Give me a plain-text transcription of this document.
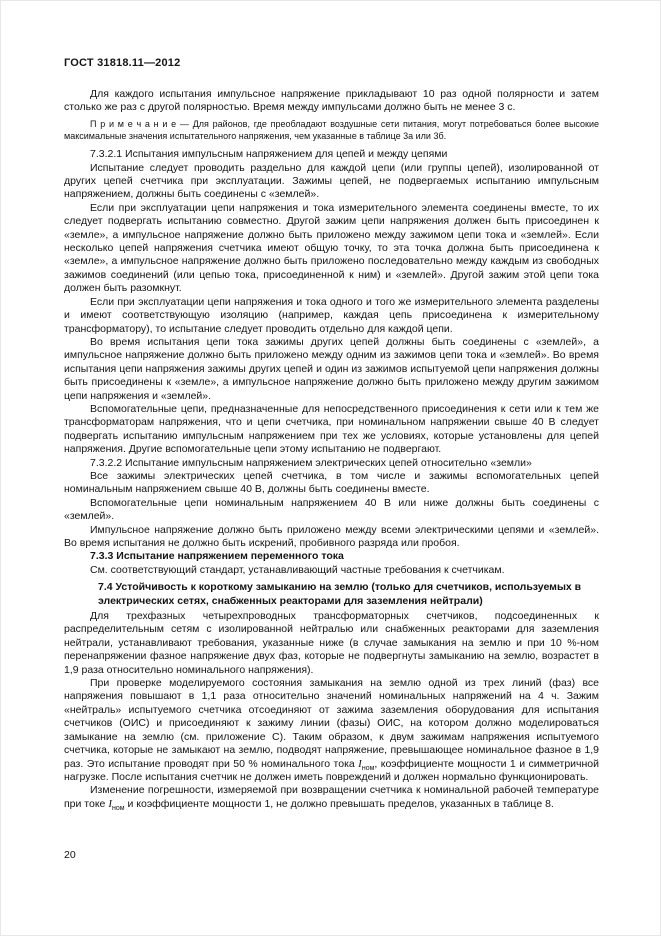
ГОСТ 31818.11—2012

Для каждого испытания импульсное напряжение прикладывают 10 раз одной полярности и затем столько же раз с другой полярностью. Время между импульсами должно быть не менее 3 с.

П р и м е ч а н и е — Для районов, где преобладают воздушные сети питания, могут потребоваться более высокие максимальные значения испытательного напряжения, чем указанные в таблице 3а или 3б.

7.3.2.1 Испытания импульсным напряжением для цепей и между цепями

Испытание следует проводить раздельно для каждой цепи (или группы цепей), изолированной от других цепей счетчика при эксплуатации. Зажимы цепей, не подвергаемых испытанию импульсным напряжением, должны быть соединены с «землей».

Если при эксплуатации цепи напряжения и тока измерительного элемента соединены вместе, то их следует подвергать испытанию совместно. Другой зажим цепи напряжения должен быть присоединен к «земле», а импульсное напряжение должно быть приложено между зажимом цепи тока и «землей». Если несколько цепей напряжения счетчика имеют общую точку, то эта точка должна быть присоединена к «земле», а импульсное напряжение должно быть приложено последовательно между каждым из свободных зажимов соединений (или цепью тока, присоединенной к ним) и «землей». Другой зажим этой цепи тока должен быть разомкнут.

Если при эксплуатации цепи напряжения и тока одного и того же измерительного элемента разделены и имеют соответствующую изоляцию (например, каждая цепь присоединена к измерительному трансформатору), то испытание следует проводить отдельно для каждой цепи.

Во время испытания цепи тока зажимы других цепей должны быть соединены с «землей», а импульсное напряжение должно быть приложено между одним из зажимов цепи тока и «землей». Во время испытания цепи напряжения зажимы других цепей и один из зажимов испытуемой цепи напряжения должны быть присоединены к «земле», а импульсное напряжение должно быть приложено между другим зажимом цепи напряжения и «землей».

Вспомогательные цепи, предназначенные для непосредственного присоединения к сети или к тем же трансформаторам напряжения, что и цепи счетчика, при номинальном напряжении свыше 40 В следует подвергать испытанию импульсным напряжением при тех же условиях, которые установлены для цепей напряжения. Другие вспомогательные цепи этому испытанию не подвергают.

7.3.2.2 Испытание импульсным напряжением электрических цепей относительно «земли»

Все зажимы электрических цепей счетчика, в том числе и зажимы вспомогательных цепей номинальным напряжением свыше 40 В, должны быть соединены вместе.

Вспомогательные цепи номинальным напряжением 40 В или ниже должны быть соединены с «землей».

Импульсное напряжение должно быть приложено между всеми электрическими цепями и «землей». Во время испытания не должно быть искрений, пробивного разряда или пробоя.

7.3.3 Испытание напряжением переменного тока

См. соответствующий стандарт, устанавливающий частные требования к счетчикам.

7.4 Устойчивость к короткому замыканию на землю (только для счетчиков, используемых в электрических сетях, снабженных реакторами для заземления нейтрали)

Для трехфазных четырехпроводных трансформаторных счетчиков, подсоединенных к распределительным сетям с изолированной нейтралью или снабженных реакторами для заземления нейтрали, устанавливают требования, указанные ниже (в случае замыкания на землю и при 10 %-ном перенапряжении фазное напряжение двух фаз, которые не подвергнуты замыканию на землю, возрастет в 1,9 раза относительно номинального напряжения).

При проверке моделируемого состояния замыкания на землю одной из трех линий (фаз) все напряжения повышают в 1,1 раза относительно значений номинальных напряжений на 4 ч. Зажим «нейтраль» испытуемого счетчика отсоединяют от зажима заземления оборудования для испытания счетчиков (ОИС) и присоединяют к зажиму линии (фазы) ОИС, на котором должно моделироваться замыкание на землю (см. приложение С). Таким образом, к двум зажимам напряжения испытуемого счетчика, которые не замыкают на землю, подводят напряжение, превышающее номинальное фазное в 1,9 раз. Это испытание проводят при 50 % номинального тока $I_{ном}$, коэффициенте мощности 1 и симметричной нагрузке. После испытания счетчик не должен иметь повреждений и должен нормально функционировать.

Изменение погрешности, измеряемой при возвращении счетчика к номинальной рабочей температуре при токе $I_{ном}$ и коэффициенте мощности 1, не должно превышать пределов, указанных в таблице 8.

20
